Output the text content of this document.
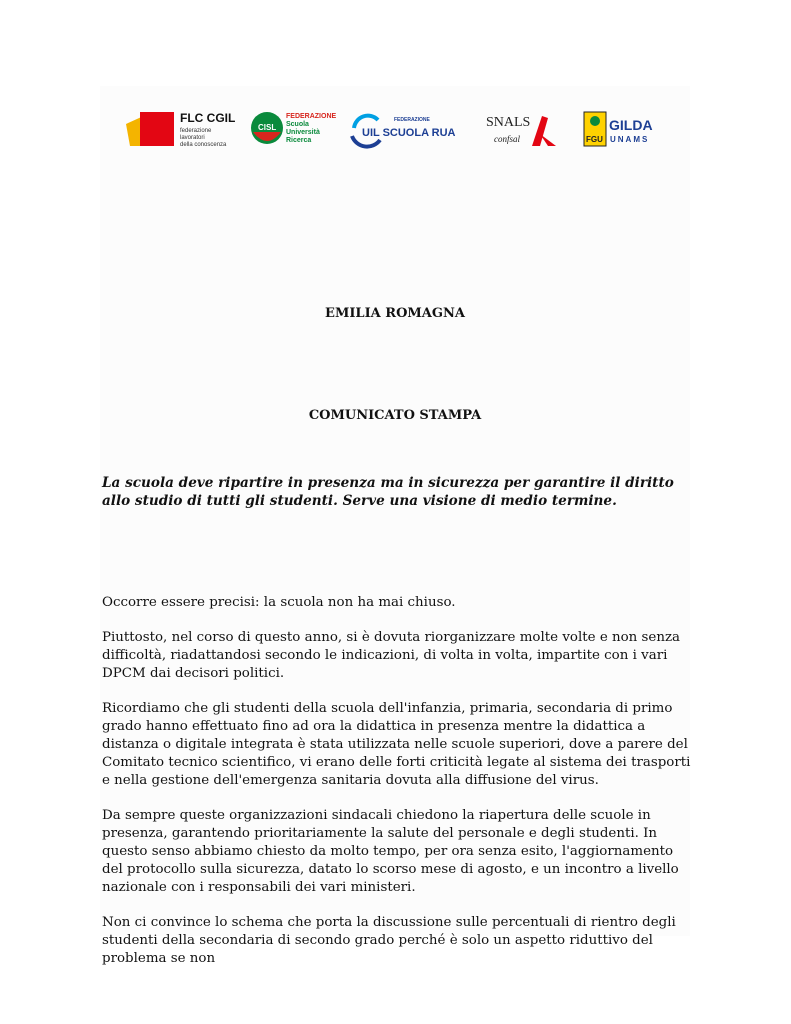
FLC CGIL
federazione
lavoratori
della conoscenza
CISL
FEDERAZIONE
Scuola
Università
Ricerca
FEDERAZIONE
UIL SCUOLA RUA
SNALS
confsal	FGU
GILDA
UNAMS
EMILIA ROMAGNA
COMUNICATO STAMPA
La scuola deve ripartire in presenza ma in sicurezza per garantire il diritto allo studio di tutti gli studenti. Serve una visione di medio termine.

Occorre essere precisi: la scuola non ha mai chiuso.

Piuttosto, nel corso di questo anno, si è dovuta riorganizzare molte volte e non senza difficoltà, riadattandosi secondo le indicazioni, di volta in volta, impartite con i vari DPCM dai decisori politici.

Ricordiamo che gli studenti della scuola dell'infanzia, primaria, secondaria di primo grado hanno effettuato fino ad ora la didattica in presenza mentre la didattica a distanza o digitale integrata è stata utilizzata nelle scuole superiori, dove a parere del Comitato tecnico scientifico, vi erano delle forti criticità legate al sistema dei trasporti e nella gestione dell'emergenza sanitaria dovuta alla diffusione del virus.

Da sempre queste organizzazioni sindacali chiedono la riapertura delle scuole in presenza, garantendo prioritariamente la salute del personale e degli studenti. In questo senso abbiamo chiesto da molto tempo, per ora senza esito, l'aggiornamento del protocollo sulla sicurezza, datato lo scorso mese di agosto, e un incontro a livello nazionale con i responsabili dei vari ministeri.

Non ci convince lo schema che porta la discussione sulle percentuali di rientro degli studenti della secondaria di secondo grado perché è solo un aspetto riduttivo del problema se non
